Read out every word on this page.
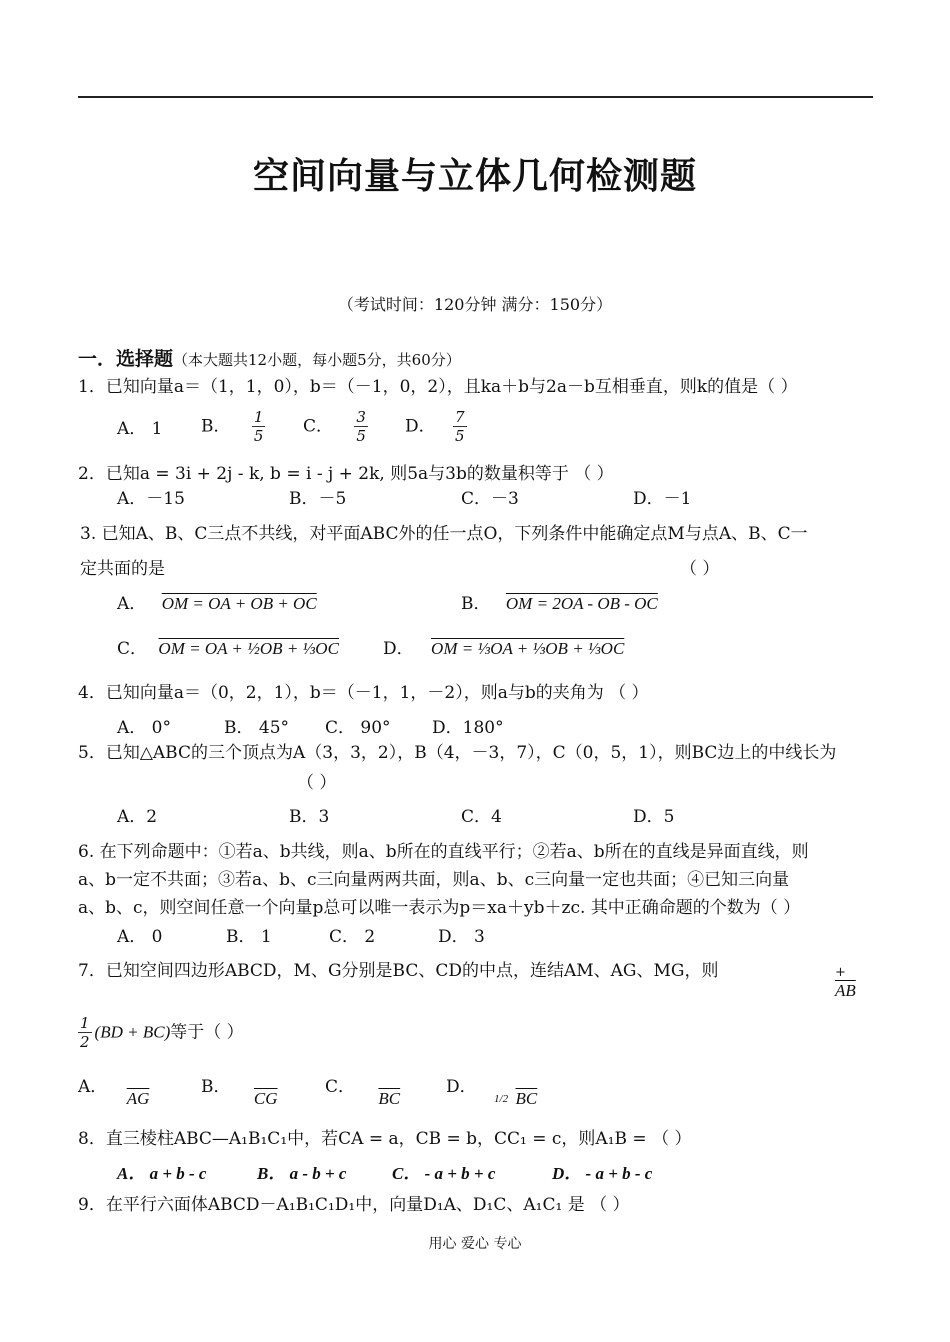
空间向量与立体几何检测题
（考试时间：120分钟 满分：150分）
一．选择题（本大题共12小题，每小题5分，共60分）
1．已知向量a＝（1，1，0），b＝（－1，0，2），且ka＋b与2a－b互相垂直，则k的值是（ ）
A． 1 B． $\frac{1}{5}$ C． $\frac{3}{5}$ D． $\frac{7}{5}$
2．已知a = 3i + 2j - k, b = i - j + 2k, 则5a与3b的数量积等于 （ ）
A．－15	B．－5	C．－3	D．－1
3. 已知A、B、C三点不共线，对平面ABC外的任一点O，下列条件中能确定点M与点A、B、C一
定共面的是	（ ）
A． OM = OA + OB + OC	B． OM = 2OA - OB - OC
C． OM = OA + ½OB + ⅓OC	D． OM = ⅓OA + ⅓OB + ⅓OC
4．已知向量a＝（0，2，1），b＝（－1，1，－2），则a与b的夹角为 （ ）
A． 0°	B． 45° C． 90° D．180°
5．已知△ABC的三个顶点为A（3，3，2），B（4，－3，7），C（0，5，1），则BC边上的中线长为
（ ）
A．2	B．3	C．4	D．5
6. 在下列命题中：①若a、b共线，则a、b所在的直线平行；②若a、b所在的直线是异面直线，则
a、b一定不共面；③若a、b、c三向量两两共面，则a、b、c三向量一定也共面；④已知三向量
a、b、c，则空间任意一个向量p总可以唯一表示为p＝xa＋yb＋zc. 其中正确命题的个数为（ ）
A． 0	B． 1	C． 2	D． 3
7．已知空间四边形ABCD，M、G分别是BC、CD的中点，连结AM、AG、MG，则	+
$\overline{AB}$
$\frac{1}{2} (BD + BC)$等于（ ）
A． $\overline{AG}$
B． $\overline{CG}$
C． $\overline{BC}$
D． $_{1/2}$ $\overline{BC}$
8．直三棱柱ABC—A₁B₁C₁中，若CA = a，CB = b，CC₁ = c，则A₁B = （ ）
A． a + b - c	B． a - b + c	C． - a + b + c	D． - a + b - c
9．在平行六面体ABCD－A₁B₁C₁D₁中，向量D₁A、D₁C、A₁C₁ 是 （ ）
用心 爱心 专心
